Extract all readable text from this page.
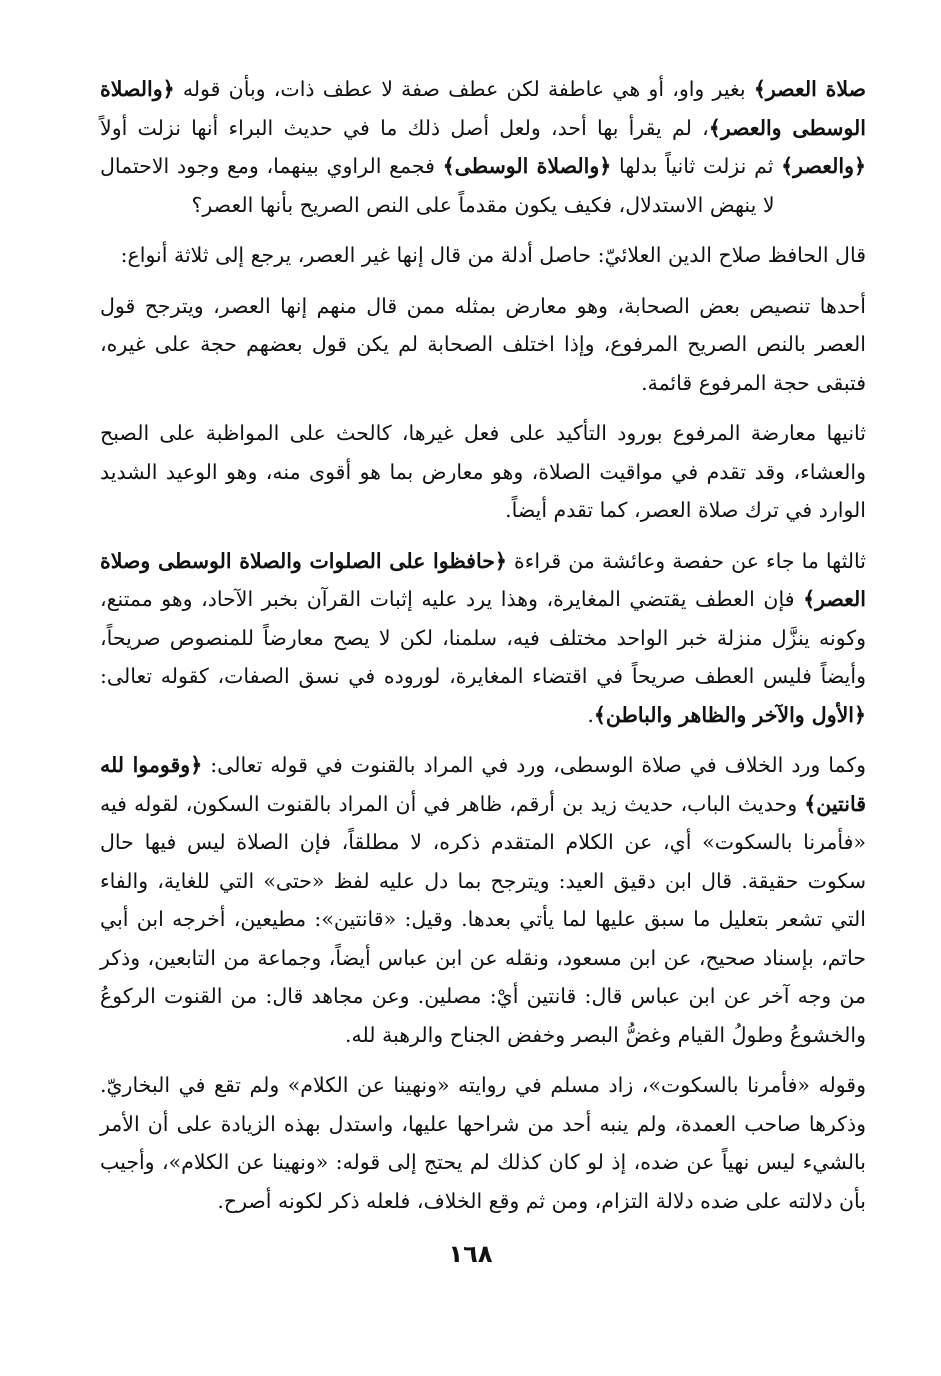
صلاة العصر﴾ بغير واو، أو هي عاطفة لكن عطف صفة لا عطف ذات، وبأن قوله ﴿والصلاة الوسطى والعصر﴾، لم يقرأ بها أحد، ولعل أصل ذلك ما في حديث البراء أنها نزلت أولاً ﴿والعصر﴾ ثم نزلت ثانياً بدلها ﴿والصلاة الوسطى﴾ فجمع الراوي بينهما، ومع وجود الاحتمال لا ينهض الاستدلال، فكيف يكون مقدماً على النص الصريح بأنها العصر؟

قال الحافظ صلاح الدين العلائيّ: حاصل أدلة من قال إنها غير العصر، يرجع إلى ثلاثة أنواع:

أحدها تنصيص بعض الصحابة، وهو معارض بمثله ممن قال منهم إنها العصر، ويترجح قول العصر بالنص الصريح المرفوع، وإذا اختلف الصحابة لم يكن قول بعضهم حجة على غيره، فتبقى حجة المرفوع قائمة.

ثانيها معارضة المرفوع بورود التأكيد على فعل غيرها، كالحث على المواظبة على الصبح والعشاء، وقد تقدم في مواقيت الصلاة، وهو معارض بما هو أقوى منه، وهو الوعيد الشديد الوارد في ترك صلاة العصر، كما تقدم أيضاً.

ثالثها ما جاء عن حفصة وعائشة من قراءة ﴿حافظوا على الصلوات والصلاة الوسطى وصلاة العصر﴾ فإن العطف يقتضي المغايرة، وهذا يرد عليه إثبات القرآن بخبر الآحاد، وهو ممتنع، وكونه ينزَّل منزلة خبر الواحد مختلف فيه، سلمنا، لكن لا يصح معارضاً للمنصوص صريحاً، وأيضاً فليس العطف صريحاً في اقتضاء المغايرة، لوروده في نسق الصفات، كقوله تعالى: ﴿الأول والآخر والظاهر والباطن﴾.

وكما ورد الخلاف في صلاة الوسطى، ورد في المراد بالقنوت في قوله تعالى: ﴿وقوموا لله قانتين﴾ وحديث الباب، حديث زيد بن أرقم، ظاهر في أن المراد بالقنوت السكون، لقوله فيه «فأمرنا بالسكوت» أي، عن الكلام المتقدم ذكره، لا مطلقاً، فإن الصلاة ليس فيها حال سكوت حقيقة. قال ابن دقيق العيد: ويترجح بما دل عليه لفظ «حتى» التي للغاية، والفاء التي تشعر بتعليل ما سبق عليها لما يأتي بعدها. وقيل: «قانتين»: مطيعين، أخرجه ابن أبي حاتم، بإسناد صحيح، عن ابن مسعود، ونقله عن ابن عباس أيضاً، وجماعة من التابعين، وذكر من وجه آخر عن ابن عباس قال: قانتين أيْ: مصلين. وعن مجاهد قال: من القنوت الركوعُ والخشوعُ وطولُ القيام وغضُّ البصر وخفض الجناح والرهبة لله.

وقوله «فأمرنا بالسكوت»، زاد مسلم في روايته «ونهينا عن الكلام» ولم تقع في البخاريّ. وذكرها صاحب العمدة، ولم ينبه أحد من شراحها عليها، واستدل بهذه الزيادة على أن الأمر بالشيء ليس نهياً عن ضده، إذ لو كان كذلك لم يحتج إلى قوله: «ونهينا عن الكلام»، وأجيب بأن دلالته على ضده دلالة التزام، ومن ثم وقع الخلاف، فلعله ذكر لكونه أصرح.

١٦٨
